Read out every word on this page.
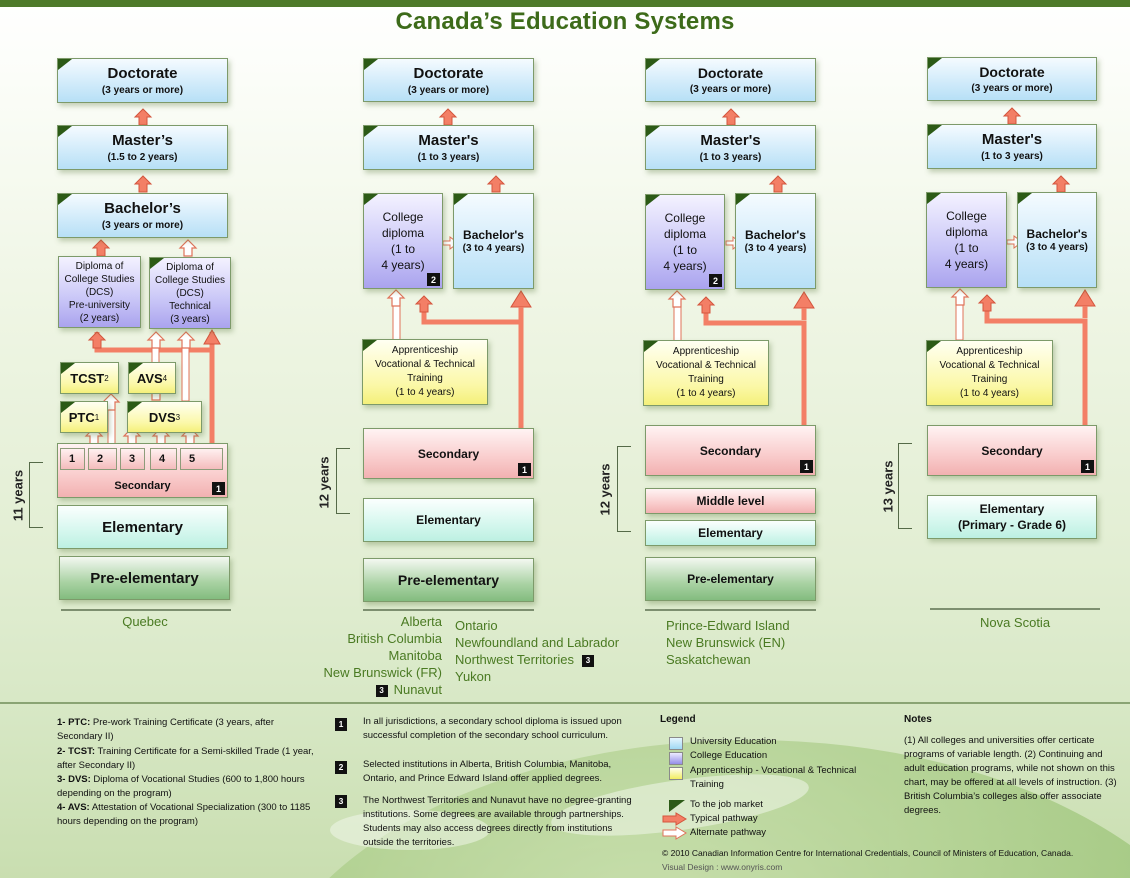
Canada’s Education Systems
Doctorate
(3 years or more)
Master’s
(1.5 to 2 years)
Bachelor’s
(3 years or more)
Diploma of
College Studies
(DCS)
Pre-university
(2 years)
Diploma of
College Studies
(DCS)
Technical
(3 years)
TCST 2 AVS 4
PTC 1	DVS 3
Secondary	1
1	2	3	4	5
Elementary
Pre-elementary
11 years
Quebec
Doctorate
(3 years or more)
Master's
(1 to 3 years)
College
diploma
(1 to
4 years)
2
Bachelor's
(3 to 4 years)
Apprenticeship
Vocational & Technical
Training
(1 to 4 years)
Secondary
1
Elementary
Pre-elementary
12 years
Alberta
British Columbia
Manitoba
New Brunswick (FR)
3 Nunavut
Ontario
Newfoundland and Labrador
Northwest Territories 3
Yukon
Doctorate
(3 years or more)
Master's
(1 to 3 years)
College
diploma
(1 to
4 years)
2
Bachelor's
(3 to 4 years)
Apprenticeship
Vocational & Technical
Training
(1 to 4 years)
Secondary
1
Middle level
Elementary
Pre-elementary
12 years
Prince-Edward Island
New Brunswick (EN)
Saskatchewan
Doctorate
(3 years or more)
Master's
(1 to 3 years)
College
diploma
(1 to
4 years)
Bachelor's
(3 to 4 years)
Apprenticeship
Vocational & Technical
Training
(1 to 4 years)
Secondary
1
Elementary
(Primary - Grade 6)
13 years
Nova Scotia
1- PTC: Pre-work Training Certificate (3 years, after Secondary II)
2- TCST: Training Certificate for a Semi-skilled Trade (1 year, after Secondary II)
3- DVS: Diploma of Vocational Studies (600 to 1,800 hours depending on the program)
4- AVS: Attestation of Vocational Specialization (300 to 1185 hours depending on the program)
1	In all jurisdictions, a secondary school diploma is issued upon successful completion of the secondary school curriculum.
2	Selected institutions in Alberta, British Columbia, Manitoba, Ontario, and Prince Edward Island offer applied degrees.
3	The Northwest Territories and Nunavut have no degree-granting institutions. Some degrees are available through partnerships. Students may also access degrees directly from institutions outside the territories.
Legend
University Education
College Education
Apprenticeship - Vocational & Technical Training
To the job market
Typical pathway
Alternate pathway
Notes
(1) All colleges and universities offer certicate programs of variable length. (2) Continuing and adult education programs, while not shown on this chart, may be offered at all levels of instruction. (3) British Columbia’s colleges also offer associate degrees.
© 2010 Canadian Information Centre for International Credentials, Council of Ministers of Education, Canada.
Visual Design : www.onyris.com
